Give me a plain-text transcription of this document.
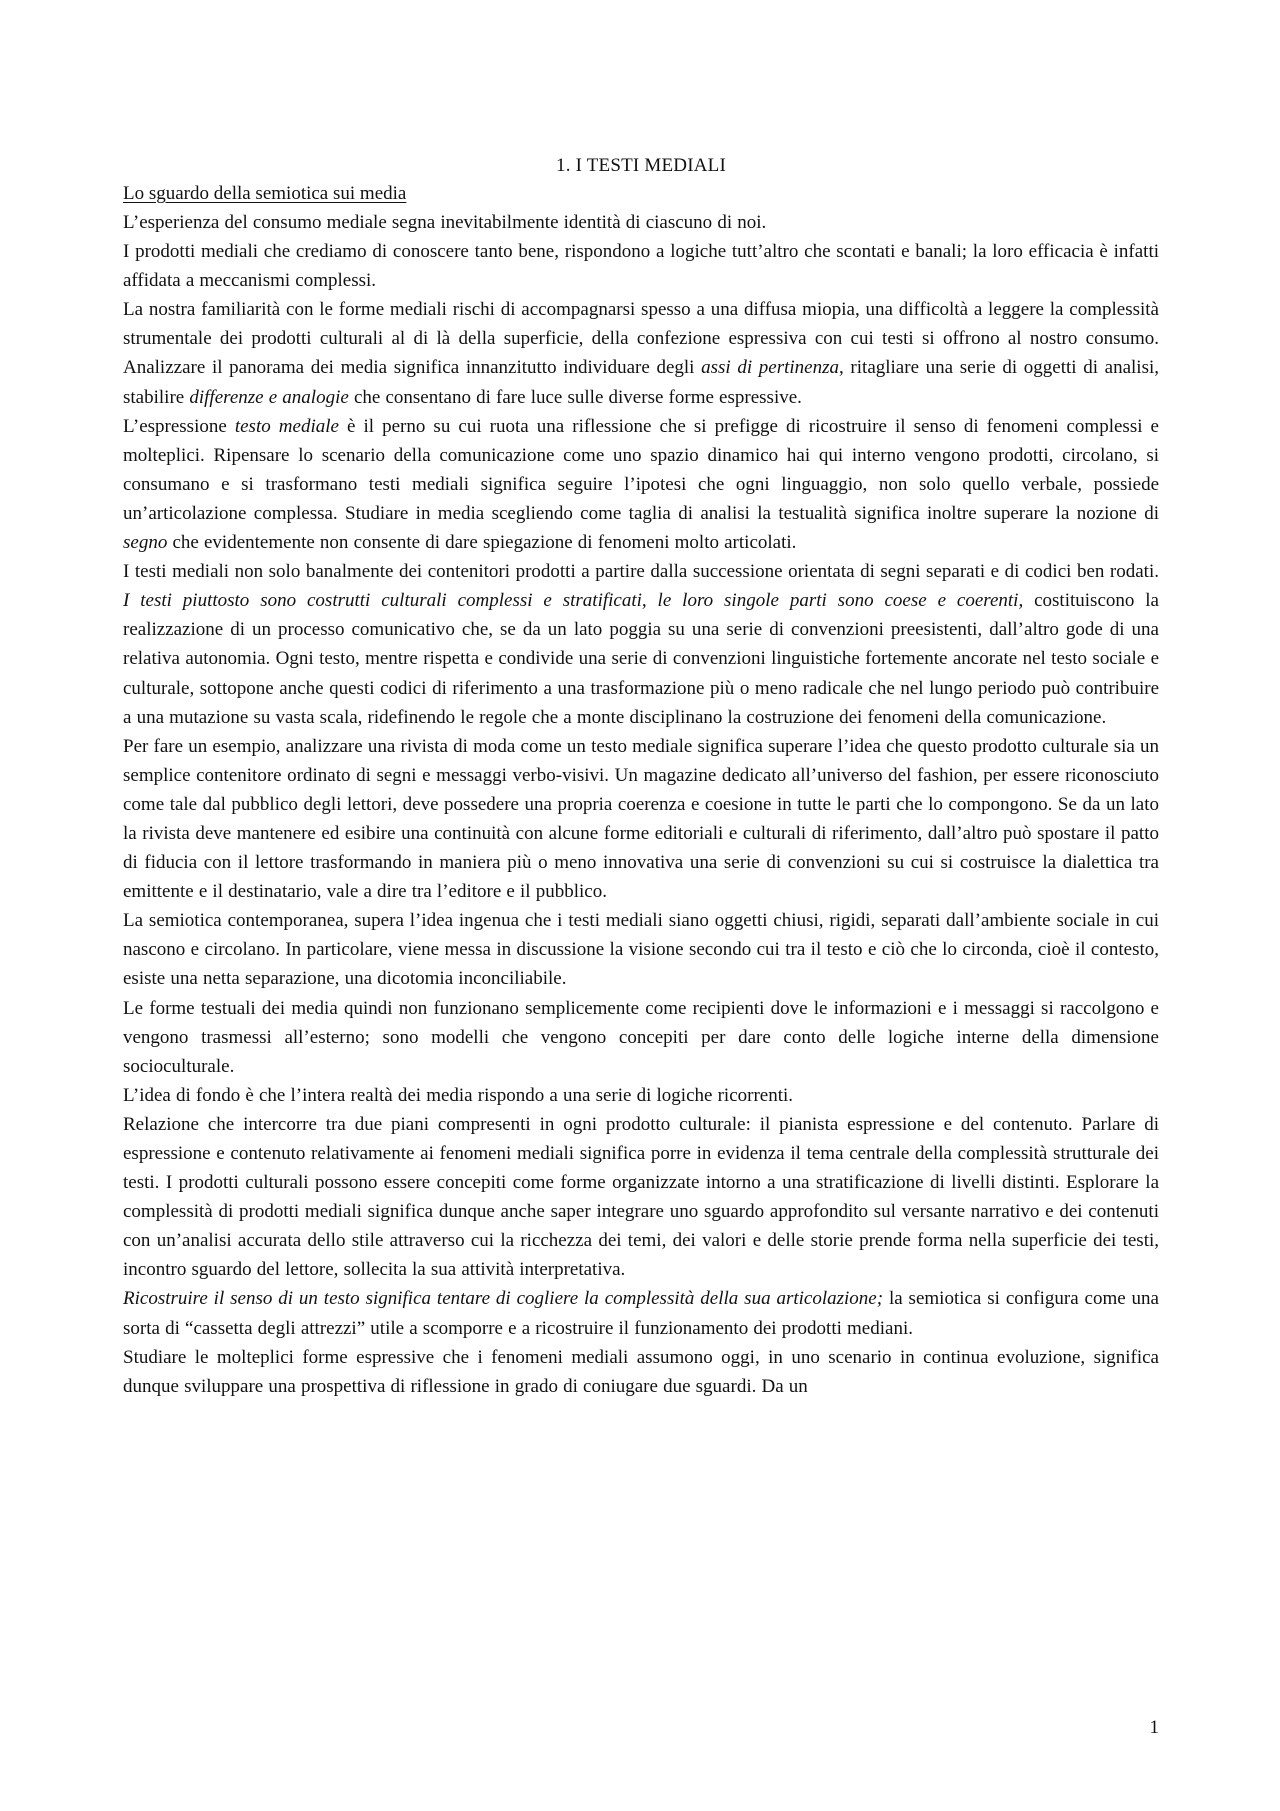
1. I TESTI MEDIALI
Lo sguardo della semiotica sui media

L’esperienza del consumo mediale segna inevitabilmente identità di ciascuno di noi.

I prodotti mediali che crediamo di conoscere tanto bene, rispondono a logiche tutt’altro che scontati e banali; la loro efficacia è infatti affidata a meccanismi complessi.

La nostra familiarità con le forme mediali rischi di accompagnarsi spesso a una diffusa miopia, una difficoltà a leggere la complessità strumentale dei prodotti culturali al di là della superficie, della confezione espressiva con cui testi si offrono al nostro consumo. Analizzare il panorama dei media significa innanzitutto individuare degli assi di pertinenza, ritagliare una serie di oggetti di analisi, stabilire differenze e analogie che consentano di fare luce sulle diverse forme espressive.

L’espressione testo mediale è il perno su cui ruota una riflessione che si prefigge di ricostruire il senso di fenomeni complessi e molteplici. Ripensare lo scenario della comunicazione come uno spazio dinamico hai qui interno vengono prodotti, circolano, si consumano e si trasformano testi mediali significa seguire l’ipotesi che ogni linguaggio, non solo quello verbale, possiede un’articolazione complessa. Studiare in media scegliendo come taglia di analisi la testualità significa inoltre superare la nozione di segno che evidentemente non consente di dare spiegazione di fenomeni molto articolati.

I testi mediali non solo banalmente dei contenitori prodotti a partire dalla successione orientata di segni separati e di codici ben rodati. I testi piuttosto sono costrutti culturali complessi e stratificati, le loro singole parti sono coese e coerenti, costituiscono la realizzazione di un processo comunicativo che, se da un lato poggia su una serie di convenzioni preesistenti, dall’altro gode di una relativa autonomia. Ogni testo, mentre rispetta e condivide una serie di convenzioni linguistiche fortemente ancorate nel testo sociale e culturale, sottopone anche questi codici di riferimento a una trasformazione più o meno radicale che nel lungo periodo può contribuire a una mutazione su vasta scala, ridefinendo le regole che a monte disciplinano la costruzione dei fenomeni della comunicazione.

Per fare un esempio, analizzare una rivista di moda come un testo mediale significa superare l’idea che questo prodotto culturale sia un semplice contenitore ordinato di segni e messaggi verbo-visivi. Un magazine dedicato all’universo del fashion, per essere riconosciuto come tale dal pubblico degli lettori, deve possedere una propria coerenza e coesione in tutte le parti che lo compongono. Se da un lato la rivista deve mantenere ed esibire una continuità con alcune forme editoriali e culturali di riferimento, dall’altro può spostare il patto di fiducia con il lettore trasformando in maniera più o meno innovativa una serie di convenzioni su cui si costruisce la dialettica tra emittente e il destinatario, vale a dire tra l’editore e il pubblico.

La semiotica contemporanea, supera l’idea ingenua che i testi mediali siano oggetti chiusi, rigidi, separati dall’ambiente sociale in cui nascono e circolano. In particolare, viene messa in discussione la visione secondo cui tra il testo e ciò che lo circonda, cioè il contesto, esiste una netta separazione, una dicotomia inconciliabile.

Le forme testuali dei media quindi non funzionano semplicemente come recipienti dove le informazioni e i messaggi si raccolgono e vengono trasmessi all’esterno; sono modelli che vengono concepiti per dare conto delle logiche interne della dimensione socioculturale.

L’idea di fondo è che l’intera realtà dei media rispondo a una serie di logiche ricorrenti.

Relazione che intercorre tra due piani compresenti in ogni prodotto culturale: il pianista espressione e del contenuto. Parlare di espressione e contenuto relativamente ai fenomeni mediali significa porre in evidenza il tema centrale della complessità strutturale dei testi. I prodotti culturali possono essere concepiti come forme organizzate intorno a una stratificazione di livelli distinti. Esplorare la complessità di prodotti mediali significa dunque anche saper integrare uno sguardo approfondito sul versante narrativo e dei contenuti con un’analisi accurata dello stile attraverso cui la ricchezza dei temi, dei valori e delle storie prende forma nella superficie dei testi, incontro sguardo del lettore, sollecita la sua attività interpretativa.

Ricostruire il senso di un testo significa tentare di cogliere la complessità della sua articolazione; la semiotica si configura come una sorta di “cassetta degli attrezzi” utile a scomporre e a ricostruire il funzionamento dei prodotti mediani.

Studiare le molteplici forme espressive che i fenomeni mediali assumono oggi, in uno scenario in continua evoluzione, significa dunque sviluppare una prospettiva di riflessione in grado di coniugare due sguardi. Da un

1
